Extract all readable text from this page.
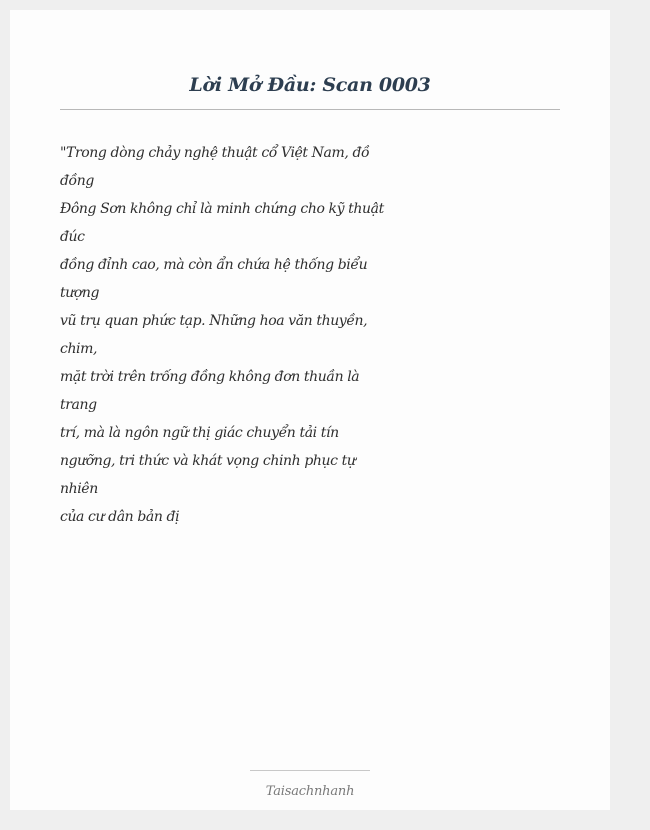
Lời Mở Đầu: Scan 0003
"Trong dòng chảy nghệ thuật cổ Việt Nam, đồ
đồng
Đông Sơn không chỉ là minh chứng cho kỹ thuật
đúc
đồng đỉnh cao, mà còn ẩn chứa hệ thống biểu
tượng
vũ trụ quan phức tạp. Những hoa văn thuyền,
chim,
mặt trời trên trống đồng không đơn thuần là
trang
trí, mà là ngôn ngữ thị giác chuyển tải tín
ngưỡng, tri thức và khát vọng chinh phục tự
nhiên
của cư dân bản đị
Taisachnhanh
